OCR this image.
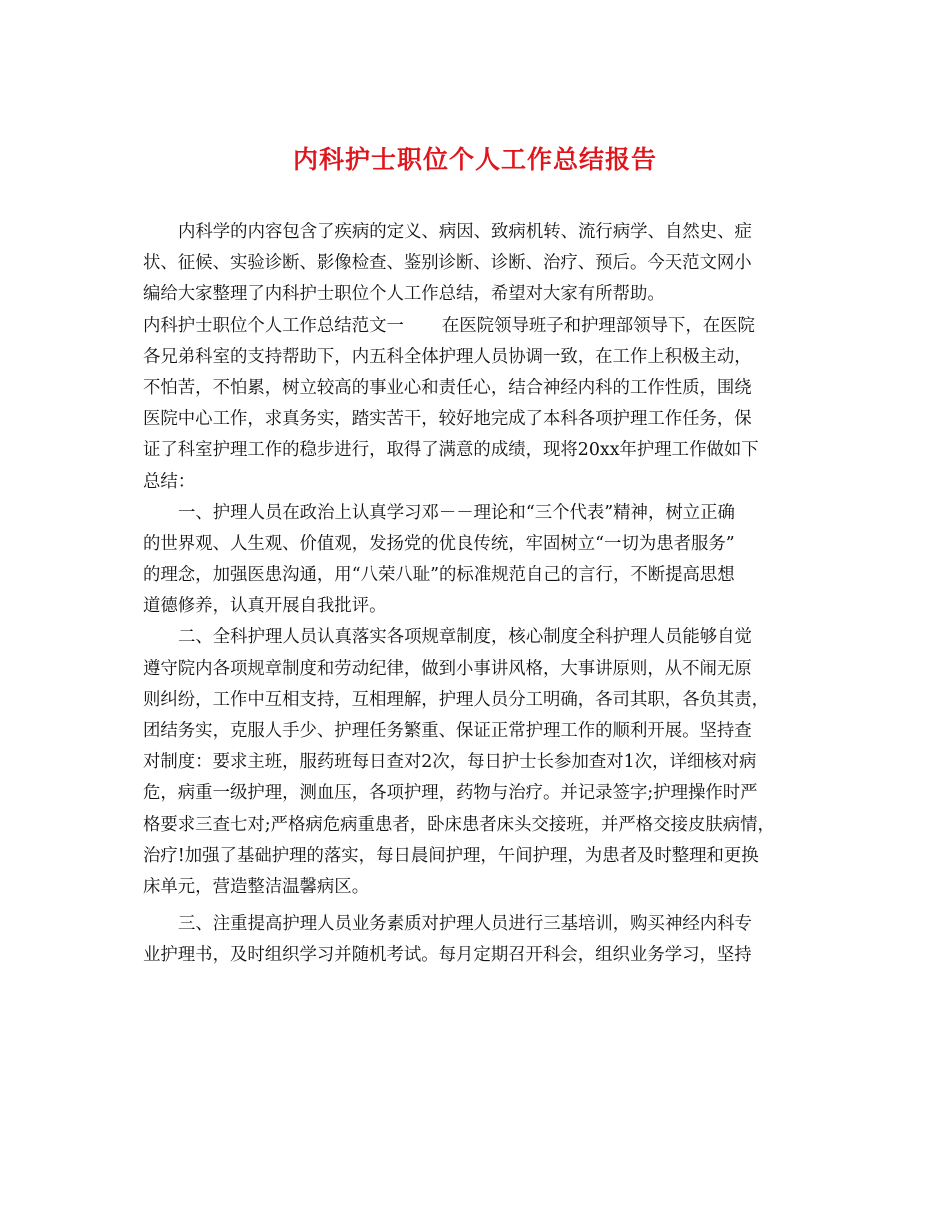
内科护士职位个人工作总结报告
内科学的内容包含了疾病的定义、病因、致病机转、流行病学、自然史、症
状、征候、实验诊断、影像检查、鉴别诊断、诊断、治疗、预后。今天范文网小
编给大家整理了内科护士职位个人工作总结，希望对大家有所帮助。
内科护士职位个人工作总结范文一 在医院领导班子和护理部领导下，在医院
各兄弟科室的支持帮助下，内五科全体护理人员协调一致，在工作上积极主动，
不怕苦，不怕累，树立较高的事业心和责任心，结合神经内科的工作性质，围绕
医院中心工作，求真务实，踏实苦干，较好地完成了本科各项护理工作任务，保
证了科室护理工作的稳步进行，取得了满意的成绩，现将20xx年护理工作做如下
总结：
一、护理人员在政治上认真学习邓－－理论和“三个代表”精神，树立正确
的世界观、人生观、价值观，发扬党的优良传统，牢固树立“一切为患者服务”
的理念，加强医患沟通，用“八荣八耻”的标准规范自己的言行，不断提高思想
道德修养，认真开展自我批评。
二、全科护理人员认真落实各项规章制度，核心制度全科护理人员能够自觉
遵守院内各项规章制度和劳动纪律，做到小事讲风格，大事讲原则，从不闹无原
则纠纷，工作中互相支持，互相理解，护理人员分工明确，各司其职，各负其责，
团结务实，克服人手少、护理任务繁重、保证正常护理工作的顺利开展。坚持查
对制度：要求主班，服药班每日查对2次，每日护士长参加查对1次，详细核对病
危，病重一级护理，测血压，各项护理，药物与治疗。并记录签字;护理操作时严
格要求三查七对;严格病危病重患者，卧床患者床头交接班，并严格交接皮肤病情，
治疗!加强了基础护理的落实，每日晨间护理，午间护理，为患者及时整理和更换
床单元，营造整洁温馨病区。
三、注重提高护理人员业务素质对护理人员进行三基培训，购买神经内科专
业护理书，及时组织学习并随机考试。每月定期召开科会，组织业务学习，坚持
